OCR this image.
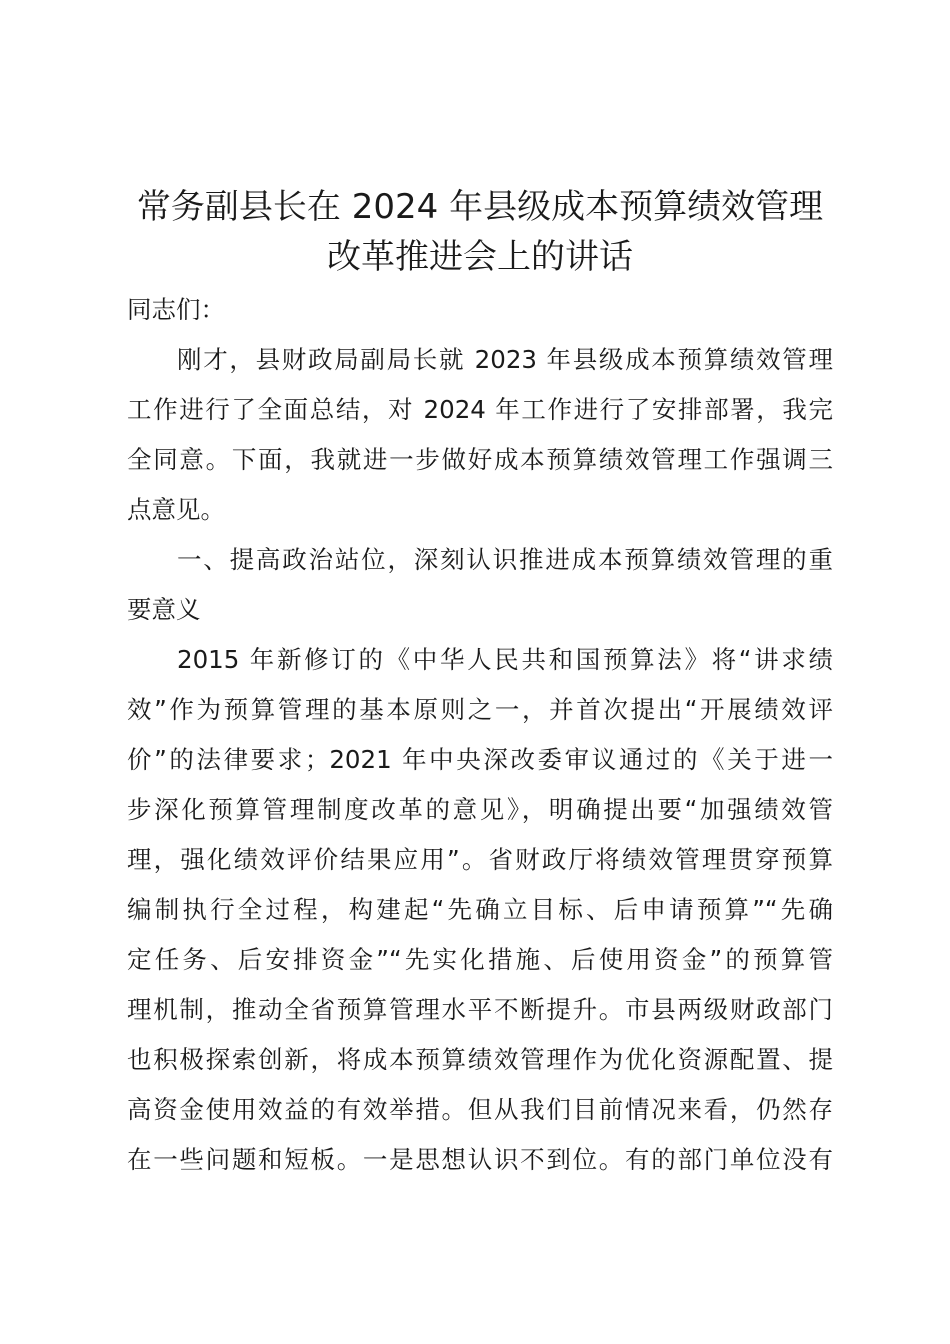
常务副县长在 2024 年县级成本预算绩效管理
改革推进会上的讲话
同志们：
刚才，县财政局副局长就 2023 年县级成本预算绩效管理
工作进行了全面总结，对 2024 年工作进行了安排部署，我完
全同意。下面，我就进一步做好成本预算绩效管理工作强调三
点意见。
一、提高政治站位，深刻认识推进成本预算绩效管理的重
要意义
2015 年新修订的《中华人民共和国预算法》将“讲求绩
效”作为预算管理的基本原则之一，并首次提出“开展绩效评
价”的法律要求；2021 年中央深改委审议通过的《关于进一
步深化预算管理制度改革的意见》，明确提出要“加强绩效管
理，强化绩效评价结果应用”。省财政厅将绩效管理贯穿预算
编制执行全过程，构建起“先确立目标、后申请预算”“先确
定任务、后安排资金”“先实化措施、后使用资金”的预算管
理机制，推动全省预算管理水平不断提升。市县两级财政部门
也积极探索创新，将成本预算绩效管理作为优化资源配置、提
高资金使用效益的有效举措。但从我们目前情况来看，仍然存
在一些问题和短板。一是思想认识不到位。有的部门单位没有
